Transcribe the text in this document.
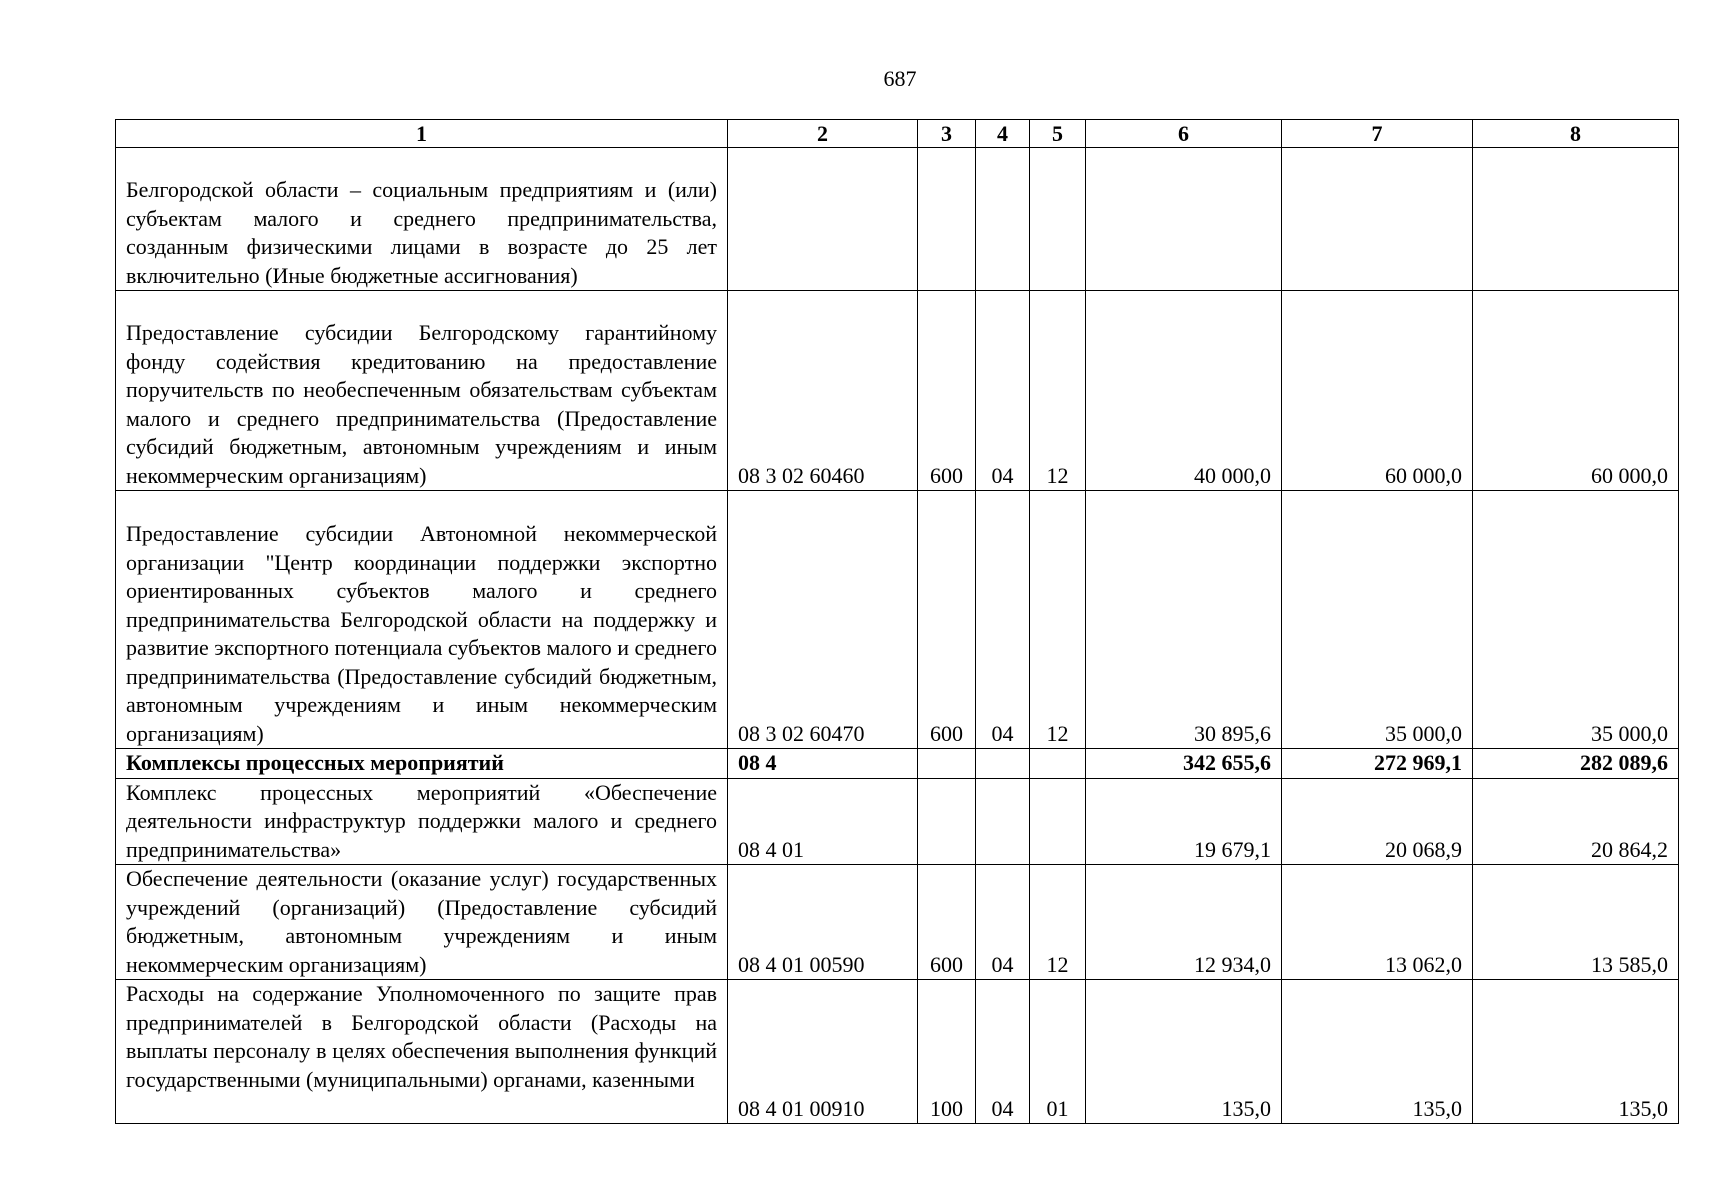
687
1	2	3	4	5	6	7	8
Белгородской области – социальным предприятиям и (или) субъектам малого и среднего предпринимательства, созданным физическими лицами в возрасте до 25 лет включительно (Иные бюджетные ассигнования)							
Предоставление субсидии Белгородскому гарантийному фонду содействия кредитованию на предоставление поручительств по необеспеченным обязательствам субъектам малого и среднего предпринимательства (Предоставление субсидий бюджетным, автономным учреждениям и иным некоммерческим организациям)	08 3 02 60460	600	04	12	40 000,0	60 000,0	60 000,0
Предоставление субсидии Автономной некоммерческой организации "Центр координации поддержки экспортно ориентированных субъектов малого и среднего предпринимательства Белгородской области на поддержку и развитие экспортного потенциала субъектов малого и среднего предпринимательства (Предоставление субсидий бюджетным, автономным учреждениям и иным некоммерческим организациям)	08 3 02 60470	600	04	12	30 895,6	35 000,0	35 000,0
Комплексы процессных мероприятий	08 4				342 655,6	272 969,1	282 089,6
Комплекс процессных мероприятий «Обеспечение деятельности инфраструктур поддержки малого и среднего предпринимательства»	08 4 01				19 679,1	20 068,9	20 864,2
Обеспечение деятельности (оказание услуг) государственных учреждений (организаций) (Предоставление субсидий бюджетным, автономным учреждениям и иным некоммерческим организациям)	08 4 01 00590	600	04	12	12 934,0	13 062,0	13 585,0

Расходы на содержание Уполномоченного по защите прав предпринимателей в Белгородской области (Расходы на выплаты персоналу в целях обеспечения выполнения функций государственными (муниципальными) органами, казенными	08 4 01 00910	100	04	01	135,0	135,0	135,0
